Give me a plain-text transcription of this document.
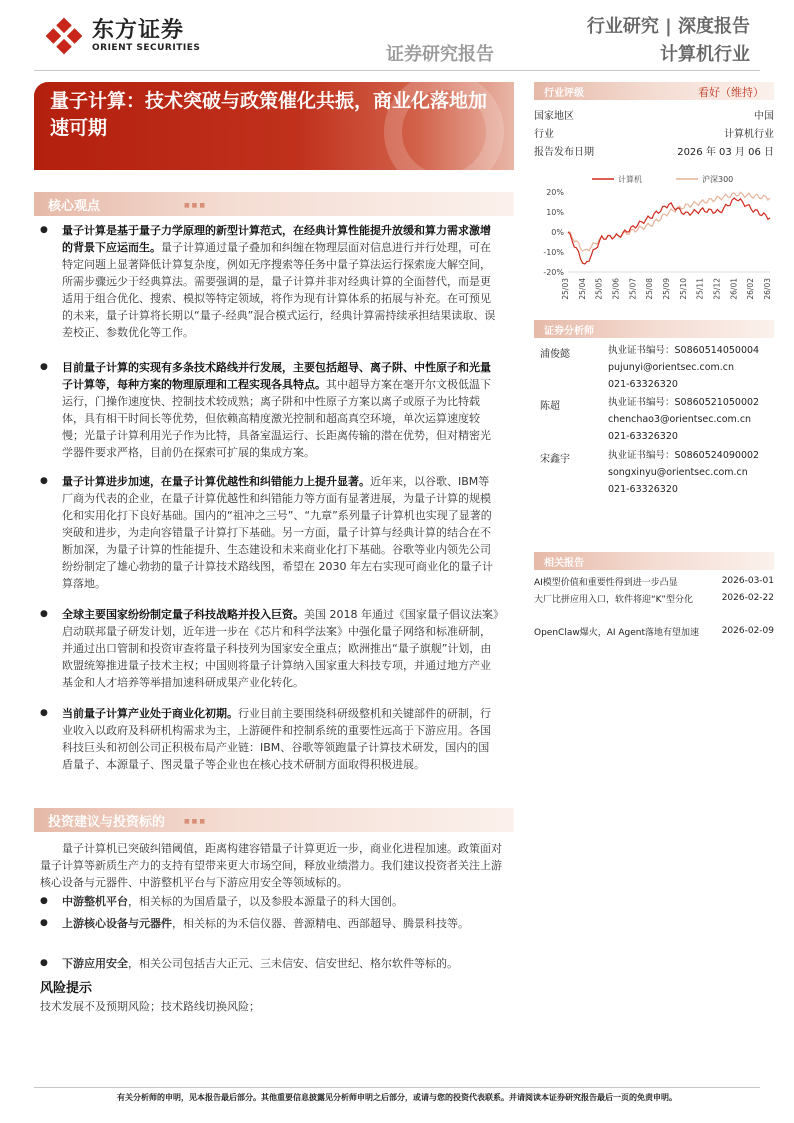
东方证券
ORIENT SECURITIES	证券研究报告
行业研究 | 深度报告
计算机行业
量子计算：技术突破与政策催化共振，商业化落地加速可期
核心观点	■■■
● 量子计算是基于量子力学原理的新型计算范式，在经典计算性能提升放缓和算力需求激增的背景下应运而生。量子计算通过量子叠加和纠缠在物理层面对信息进行并行处理，可在特定问题上显著降低计算复杂度，例如无序搜索等任务中量子算法运行探索庞大解空间，所需步骤远少于经典算法。需要强调的是，量子计算并非对经典计算的全面替代，而是更适用于组合优化、搜索、模拟等特定领域，将作为现有计算体系的拓展与补充。在可预见的未来，量子计算将长期以“量子-经典”混合模式运行，经典计算需持续承担结果读取、误差校正、参数优化等工作。
● 目前量子计算的实现有多条技术路线并行发展，主要包括超导、离子阱、中性原子和光量子计算等，每种方案的物理原理和工程实现各具特点。其中超导方案在毫开尔文极低温下运行，门操作速度快、控制技术较成熟；离子阱和中性原子方案以离子或原子为比特载体，具有相干时间长等优势，但依赖高精度激光控制和超高真空环境，单次运算速度较慢；光量子计算利用光子作为比特，具备室温运行、长距离传输的潜在优势，但对精密光学器件要求严格，目前仍在探索可扩展的集成方案。
● 量子计算进步加速，在量子计算优越性和纠错能力上提升显著。近年来，以谷歌、IBM等厂商为代表的企业，在量子计算优越性和纠错能力等方面有显著进展，为量子计算的规模化和实用化打下良好基础。国内的“祖冲之三号”、“九章”系列量子计算机也实现了显著的突破和进步，为走向容错量子计算打下基础。另一方面，量子计算与经典计算的结合在不断加深，为量子计算的性能提升、生态建设和未来商业化打下基础。谷歌等业内领先公司纷纷制定了雄心勃勃的量子计算技术路线图，希望在 2030 年左右实现可商业化的量子计算落地。
● 全球主要国家纷纷制定量子科技战略并投入巨资。美国 2018 年通过《国家量子倡议法案》启动联邦量子研发计划，近年进一步在《芯片和科学法案》中强化量子网络和标准研制，并通过出口管制和投资审查将量子科技列为国家安全重点；欧洲推出“量子旗舰”计划，由欧盟统筹推进量子技术主权；中国则将量子计算纳入国家重大科技专项，并通过地方产业基金和人才培养等举措加速科研成果产业化转化。
● 当前量子计算产业处于商业化初期。行业目前主要围绕科研级整机和关键部件的研制，行业收入以政府及科研机构需求为主，上游硬件和控制系统的重要性远高于下游应用。各国科技巨头和初创公司正积极布局产业链：IBM、谷歌等领跑量子计算技术研发，国内的国盾量子、本源量子、图灵量子等企业也在核心技术研制方面取得积极进展。
投资建议与投资标的	■■■
量子计算机已突破纠错阈值，距离构建容错量子计算更近一步，商业化进程加速。政策面对量子计算等新质生产力的支持有望带来更大市场空间，释放业绩潜力。我们建议投资者关注上游核心设备与元器件、中游整机平台与下游应用安全等领域标的。
● 中游整机平台，相关标的为国盾量子，以及参股本源量子的科大国创。
● 上游核心设备与元器件，相关标的为禾信仪器、普源精电、西部超导、腾景科技等。
● 下游应用安全，相关公司包括吉大正元、三未信安、信安世纪、格尔软件等标的。
风险提示
技术发展不及预期风险；技术路线切换风险；
行业评级	看好（维持）
国家地区	中国
行业	计算机行业
报告发布日期	2026 年 03 月 06 日
计算机	沪深300
20%
10%
0%
-10%
-20%
25/03 25/04 25/05 25/06 25/07 25/08 25/09 25/10 25/11 25/12 26/01 26/02 26/03
证券分析师
浦俊懿	执业证书编号：S0860514050004
pujunyi@orientsec.com.cn
021-63326320
陈超	执业证书编号：S0860521050002
chenchao3@orientsec.com.cn
021-63326320
宋鑫宇	执业证书编号：S0860524090002
songxinyu@orientsec.com.cn
021-63326320
相关报告
AI模型价值和重要性得到进一步凸显	2026-03-01
大厂比拼应用入口，软件将迎“K”型分化	2026-02-22
OpenClaw爆火，AI Agent落地有望加速	2026-02-09
有关分析师的申明，见本报告最后部分。其他重要信息披露见分析师申明之后部分，或请与您的投资代表联系。并请阅读本证券研究报告最后一页的免责申明。
